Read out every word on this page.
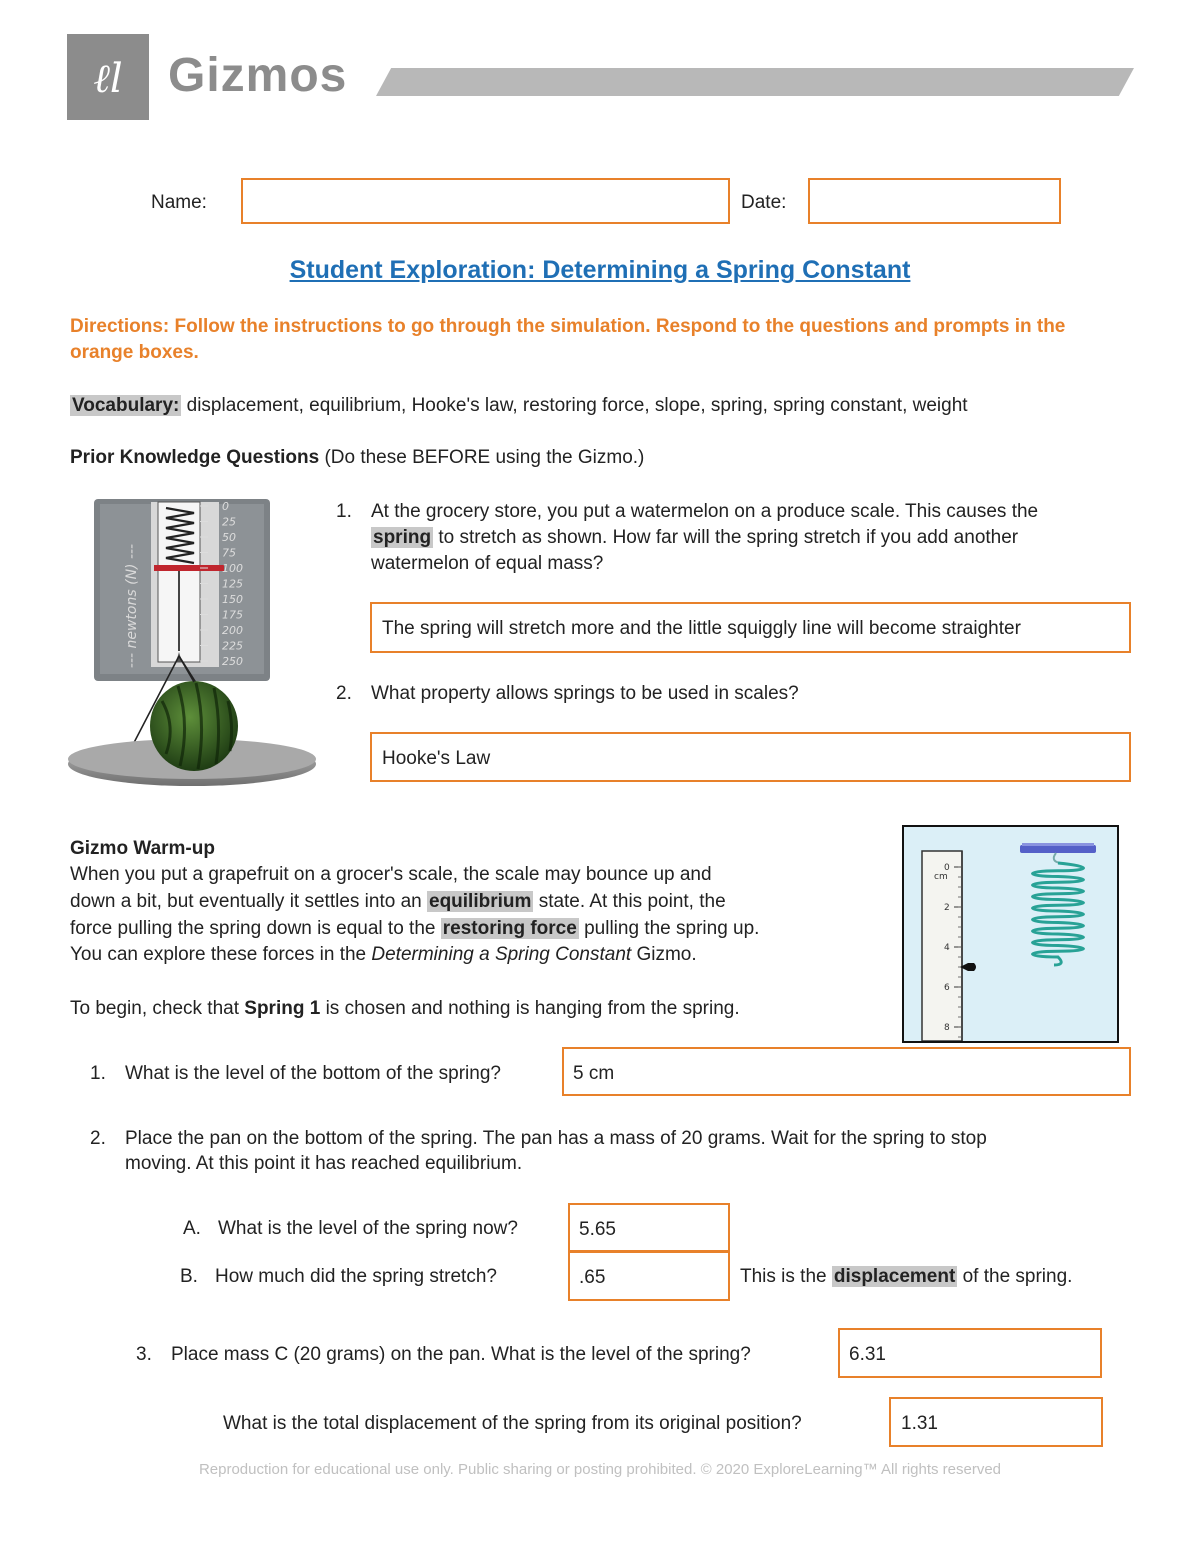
ℓl Gizmos
Name:	Date:
Student Exploration: Determining a Spring Constant
Directions: Follow the instructions to go through the simulation. Respond to the questions and prompts in the orange boxes.
Vocabulary: displacement, equilibrium, Hooke's law, restoring force, slope, spring, spring constant, weight
Prior Knowledge Questions (Do these BEFORE using the Gizmo.)
--- newtons (N) ---
0
25
50
75
100
125
150
175
200
225
250
1. At the grocery store, you put a watermelon on a produce scale. This causes the
spring to stretch as shown. How far will the spring stretch if you add another
watermelon of equal mass?
The spring will stretch more and the little squiggly line will become straighter
2. What property allows springs to be used in scales?
Hooke's Law
Gizmo Warm-up
When you put a grapefruit on a grocer's scale, the scale may bounce up and
down a bit, but eventually it settles into an equilibrium state. At this point, the
force pulling the spring down is equal to the restoring force pulling the spring up.
You can explore these forces in the Determining a Spring Constant Gizmo.
To begin, check that Spring 1 is chosen and nothing is hanging from the spring.
0
2
4
6
8
cm
1. What is the level of the bottom of the spring?	5 cm
2. Place the pan on the bottom of the spring. The pan has a mass of 20 grams. Wait for the spring to stop
moving. At this point it has reached equilibrium.
A. What is the level of the spring now?	5.65
B. How much did the spring stretch?	.65	This is the displacement of the spring.
3. Place mass C (20 grams) on the pan. What is the level of the spring?	6.31
What is the total displacement of the spring from its original position?	1.31
Reproduction for educational use only. Public sharing or posting prohibited. © 2020 ExploreLearning™ All rights reserved
